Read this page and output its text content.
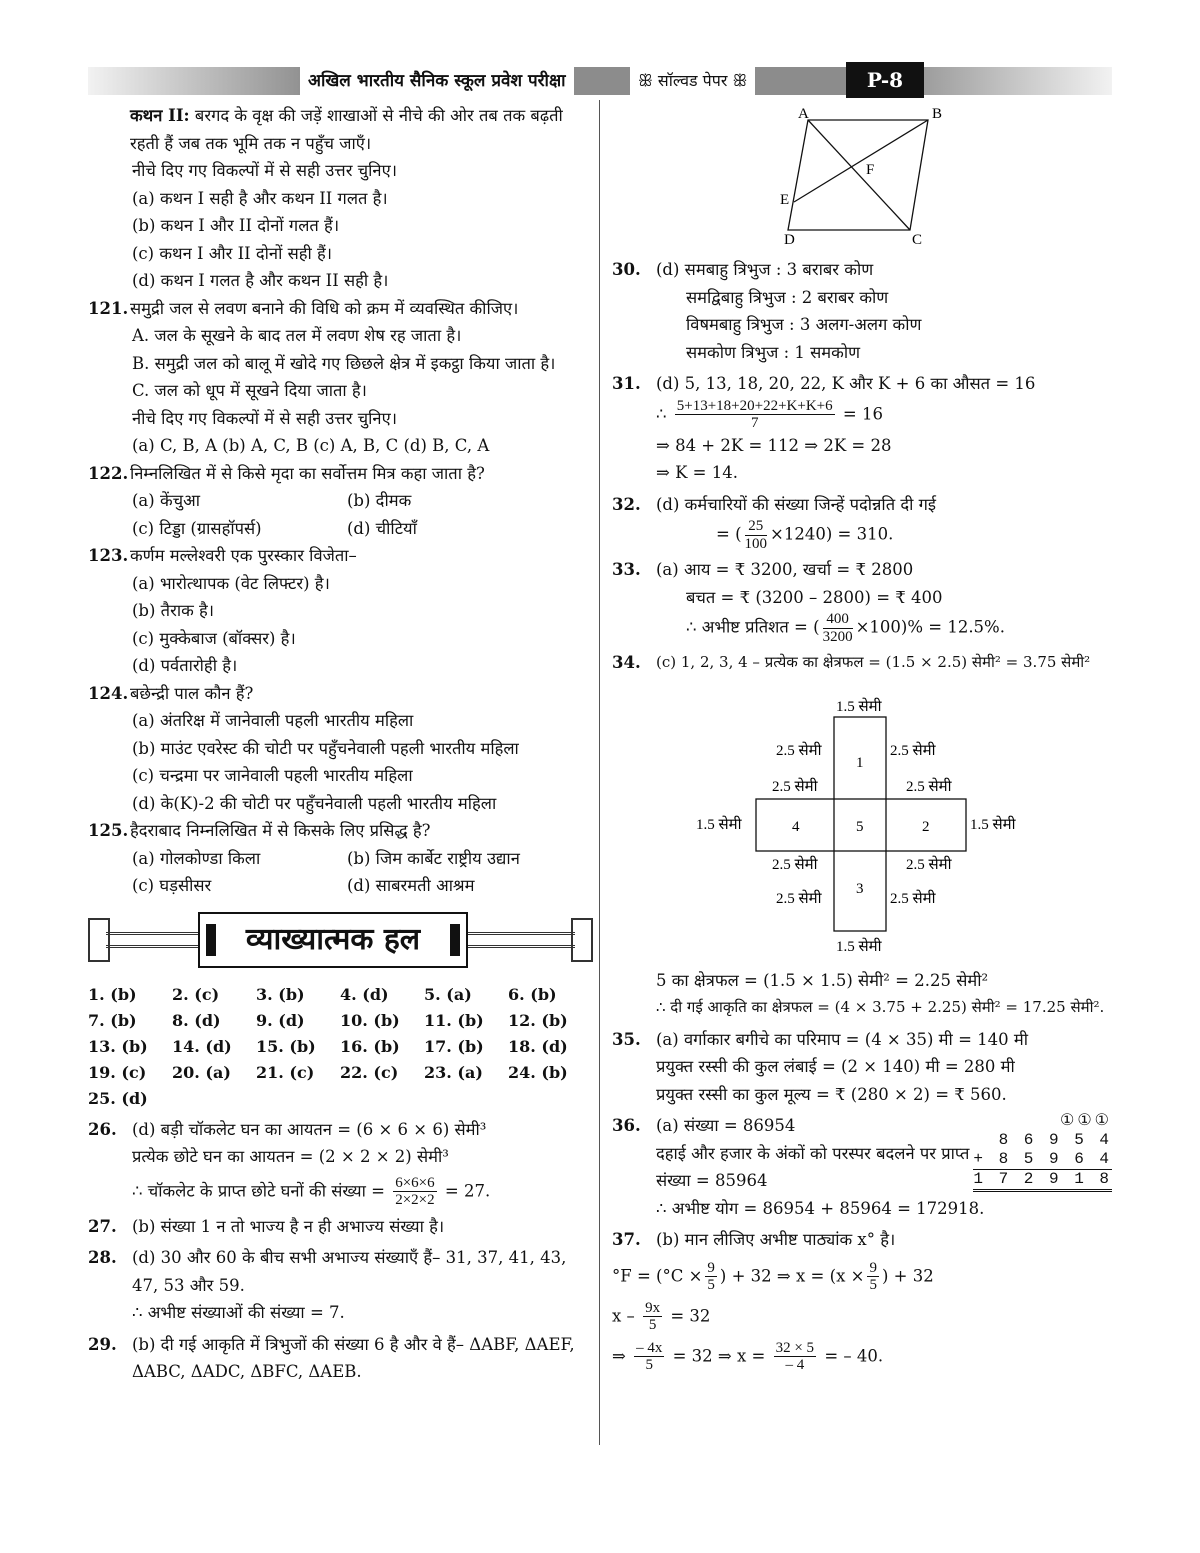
अखिल भारतीय सैनिक स्कूल प्रवेश परीक्षा	ꕥ सॉल्वड पेपर ꕥ	P-8
कथन II: बरगद के वृक्ष की जड़ें शाखाओं से नीचे की ओर तब तक बढ़ती रहती हैं जब तक भूमि तक न पहुँच जाएँ।
नीचे दिए गए विकल्पों में से सही उत्तर चुनिए।
(a) कथन I सही है और कथन II गलत है।
(b) कथन I और II दोनों गलत हैं।
(c) कथन I और II दोनों सही हैं।
(d) कथन I गलत है और कथन II सही है।
121. समुद्री जल से लवण बनाने की विधि को क्रम में व्यवस्थित कीजिए।
A. जल के सूखने के बाद तल में लवण शेष रह जाता है।
B. समुद्री जल को बालू में खोदे गए छिछले क्षेत्र में इकट्ठा किया जाता है।
C. जल को धूप में सूखने दिया जाता है।
नीचे दिए गए विकल्पों में से सही उत्तर चुनिए।
(a) C, B, A (b) A, C, B (c) A, B, C (d) B, C, A
122. निम्नलिखित में से किसे मृदा का सर्वोत्तम मित्र कहा जाता है?
(a) केंचुआ	(b) दीमक
(c) टिड्डा (ग्रासहॉपर्स)	(d) चीटियाँ
123. कर्णम मल्लेश्वरी एक पुरस्कार विजेता–
(a) भारोत्थापक (वेट लिफ्टर) है।
(b) तैराक है।
(c) मुक्केबाज (बॉक्सर) है।
(d) पर्वतारोही है।
124. बछेन्द्री पाल कौन हैं?
(a) अंतरिक्ष में जानेवाली पहली भारतीय महिला
(b) माउंट एवरेस्ट की चोटी पर पहुँचनेवाली पहली भारतीय महिला
(c) चन्द्रमा पर जानेवाली पहली भारतीय महिला
(d) के(K)-2 की चोटी पर पहुँचनेवाली पहली भारतीय महिला
125. हैदराबाद निम्नलिखित में से किसके लिए प्रसिद्ध है?
(a) गोलकोण्डा किला	(b) जिम कार्बेट राष्ट्रीय उद्यान
(c) घड़सीसर	(d) साबरमती आश्रम
व्याख्यात्मक हल
1. (b)	2. (c)	3. (b)	4. (d)	5. (a)	6. (b)
7. (b)	8. (d)	9. (d)	10. (b)	11. (b)	12. (b)
13. (b)	14. (d)	15. (b)	16. (b)	17. (b)	18. (d)
19. (c)	20. (a)	21. (c)	22. (c)	23. (a)	24. (b)
25. (d)
26. (d) बड़ी चॉकलेट घन का आयतन = (6 × 6 × 6) सेमी³
प्रत्येक छोटे घन का आयतन = (2 × 2 × 2) सेमी³
∴ चॉकलेट के प्राप्त छोटे घनों की संख्या = $\frac{6\times 6\times 6}{2\times 2\times 2} = 27$.
27. (b) संख्या 1 न तो भाज्य है न ही अभाज्य संख्या है।
28. (d) 30 और 60 के बीच सभी अभाज्य संख्याएँ हैं– 31, 37, 41, 43, 47, 53 और 59.
∴ अभीष्ट संख्याओं की संख्या = 7.
29. (b) दी गई आकृति में त्रिभुजों की संख्या 6 है और वे हैं– ΔABF, ΔAEF, ΔABC, ΔADC, ΔBFC, ΔAEB.
A	B
C
D
E
F
30. (d) समबाहु त्रिभुज : 3 बराबर कोण
समद्विबाहु त्रिभुज : 2 बराबर कोण
विषमबाहु त्रिभुज : 3 अलग-अलग कोण
समकोण त्रिभुज : 1 समकोण
31. (d) 5, 13, 18, 20, 22, K और K + 6 का औसत = 16
∴ $\frac{5+13+18+20+22+K+K+6}{7} = 16$
⇒ 84 + 2K = 112 ⇒ 2K = 28
⇒ K = 14.
32. (d) कर्मचारियों की संख्या जिन्हें पदोन्नति दी गई
= ( $\frac{25}{100} \times 1240) = 310$.
33. (a) आय = ₹ 3200, खर्चा = ₹ 2800
बचत = ₹ (3200 – 2800) = ₹ 400
∴ अभीष्ट प्रतिशत = ( $\frac{400}{3200} \times 100)\% = 12.5\%$.
34.	(c) 1, 2, 3, 4 – प्रत्येक का क्षेत्रफल = (1.5 × 2.5) सेमी² = 3.75 सेमी²
1.5 सेमी
1.5 सेमी
1.5 सेमी	1.5 सेमी
2.5 सेमी	2.5 सेमी
2.5 सेमी	2.5 सेमी
2.5 सेमी	2.5 सेमी
2.5 सेमी	2.5 सेमी
1
2
3
4	5
5 का क्षेत्रफल = (1.5 × 1.5) सेमी² = 2.25 सेमी²
∴ दी गई आकृति का क्षेत्रफल = (4 × 3.75 + 2.25) सेमी² = 17.25 सेमी².
35. (a) वर्गाकार बगीचे का परिमाप = (4 × 35) मी = 140 मी
प्रयुक्त रस्सी की कुल लंबाई = (2 × 140) मी = 280 मी
प्रयुक्त रस्सी का कुल मूल्य = ₹ (280 × 2) = ₹ 560.
36. (a) संख्या = 86954
दहाई और हजार के अंकों को परस्पर बदलने पर प्राप्त संख्या = 85964
①①①
8 6 9 5 4
+ 8 5 9 6 4
1 7 2 9 1 8
∴ अभीष्ट योग = 86954 + 85964 = 172918.
37. (b) मान लीजिए अभीष्ट पाठ्यांक x° है।
$^\circ F = (^\circ C \times \frac{9}{5}$ ) + 32 ⇒ $x = (x \times \frac{9}{5}$ ) + 32
$x - \frac{9x}{5} = 32$
⇒ $\frac{- 4x}{5} = 32$ ⇒ $x = \frac{32 \times 5}{- 4}$ = – 40.
